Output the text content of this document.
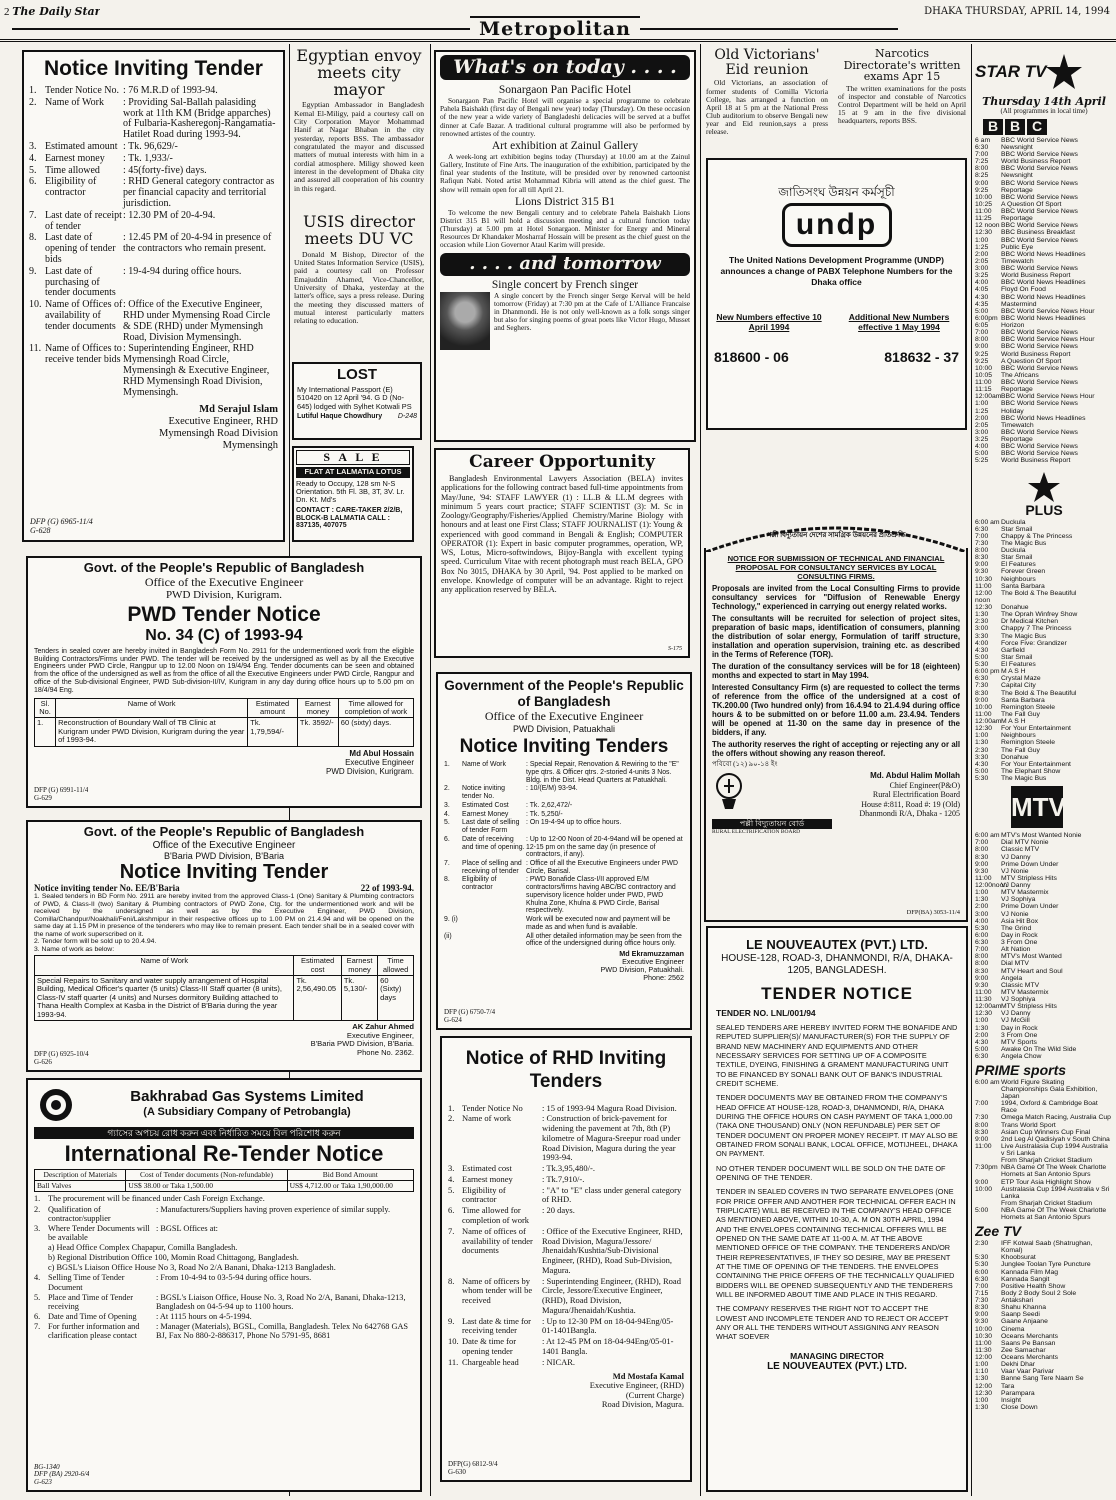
2 The Daily Star
Metropolitan
DHAKA THURSDAY, APRIL 14, 1994
Notice Inviting Tender
1. Tender Notice No. : 76 M.R.D of 1993-94.
2. Name of Work	: Providing Sal-Ballah palasiding work at 11th KM (Bridge apparches) of Fulbaria-Kasheregonj-Rangamatia-Hatilet Road during 1993-94.
3. Estimated amount : Tk. 96,629/-
4. Earnest money	: Tk. 1,933/-
5. Time allowed	: 45(forty-five) days.
6. Eligibility of contractor
: RHD General category contractor as per financial capacity and territorial jurisdiction.
7. Last date of receipt of tender
: 12.30 PM of 20-4-94.
8. Last date of opening of tender bids
: 12.45 PM of 20-4-94 in presence of the contractors who remain present.
9. Last date of purchasing of tender documents
: 19-4-94 during office hours.
10. Name of Offices of availability of tender documents
: Office of the Executive Engineer, RHD under Mymensing Road Circle & SDE (RHD) under Mymensingh Road, Division Mymensingh.
11. Name of Offices to receive tender bids
: Superintending Engineer, RHD Mymensingh Road Circle, Mymensingh & Executive Engineer, RHD Mymensingh Road Division, Mymensingh.
Md Serajul Islam
Executive Engineer, RHD
Mymensingh Road Division
Mymensingh
DFP (G) 6965-11/4
G-628
Egyptian envoy meets city mayor
Egyptian Ambassador in Bangladesh Kemal El-Miligy, paid a courtesy call on City Corporation Mayor Mohammad Hanif at Nagar Bhaban in the city yesterday, reports BSS. The ambassador congratulated the mayor and discussed matters of mutual interests with him in a cordial atmosphere. Miligy showed keen interest in the development of Dhaka city and assured all cooperation of his country in this regard.
USIS director meets DU VC
Donald M Bishop, Director of the United States Information Service (USIS), paid a courtesy call on Professor Emajuddin Ahamed, Vice-Chancellor, University of Dhaka, yesterday at the latter's office, says a press release. During the meeting they discussed matters of mutual interest particularly matters relating to education.
LOST
My International Passport (E) 510420 on 12 April '94. G D (No-645) lodged with Sylhet Kotwali PS
Lutiful Haque Chowdhury D-248
S A L E
FLAT AT LALMATIA LOTUS
Ready to Occupy, 128 sm N-S Orientation. 5th Fl. 3B, 3T, 3V. Lr. Dn. Kt. Md's
CONTACT : CARE-TAKER 2/2/B, BLOCK-B LALMATIA CALL : 837135, 407075
What's on today . . . .
Sonargaon Pan Pacific Hotel
Sonargaon Pan Pacific Hotel will organise a special programme to celebrate Pahela Baishakh (first day of Bengali new year) today (Thursday). On these occasion of the new year a wide variety of Bangladeshi delicacies will be served at a buffet dinner at Cafe Bazar. A traditional cultural programme will also be performed by renowned artistes of the country.
Art exhibition at Zainul Gallery
A week-long art exhibition begins today (Thursday) at 10.00 am at the Zainul Gallery, Institute of Fine Arts. The inauguration of the exhibition, participated by the final year students of the Institute, will be presided over by renowned cartoonist Rafiqun Nabi. Noted artist Mohammad Kibria will attend as the chief guest. The show will remain open for all till April 21.
Lions District 315 B1
To welcome the new Bengali century and to celebrate Pahela Baishakh Lions District 315 B1 will hold a discussion meeting and a cultural function today (Thursday) at 5.00 pm at Hotel Sonargaon. Minister for Energy and Mineral Resources Dr Khandaker Mosharraf Hossain will be present as the chief guest on the occasion while Lion Governor Ataul Karim will preside.
. . . . and tomorrow
Single concert by French singer
A single concert by the French singer Serge Kerval will be held tomorrow (Friday) at 7:30 pm at the Cafe of L'Alliance Francaise in Dhanmondi. He is not only well-known as a folk songs singer but also for singing poems of great poets like Victor Hugo, Musset and Seghers.
Career Opportunity
Bangladesh Environmental Lawyers Association (BELA) invites applications for the following contract based full-time appointments from May/June, '94: STAFF LAWYER (1) : LL.B & LL.M degrees with minimum 5 years court practice; STAFF SCIENTIST (3): M. Sc in Zoology/Geography/Fisheries/Applied Chemistry/Marine Biology with honours and at least one First Class; STAFF JOURNALIST (1): Young & experienced with good command in Bengali & English; COMPUTER OPERATOR (1): Expert in basic computer programmes, operation, WP, WS, Lotus, Micro-softwindows, Bijoy-Bangla with excellent typing speed. Curriculum Vitae with recent photograph must reach BELA, GPO Box No 3015, DHAKA by 30 April, '94. Post applied to be marked on envelope. Knowledge of computer will be an advantage. Right to reject any application reserved by BELA.
S-175
Old Victorians' Eid reunion
Old Victorians, an association of former students of Comilla Victoria College, has arranged a function on April 18 at 5 pm at the National Press Club auditorium to observe Bengali new year and Eid reunion,says a press release.
Narcotics Directorate's written exams Apr 15
The written examinations for the posts of inspector and constable of Narcotics Control Department will be held on April 15 at 9 am in the five divisional headquarters, reports BSS.
জাতিসংঘ উন্নয়ন কর্মসূচী
undp
The United Nations Development Programme (UNDP) announces a change of PABX Telephone Numbers for the Dhaka office
New Numbers effective 10 April 1994
Additional New Numbers effective 1 May 1994
818600 - 06	818632 - 37
পল্লী বিদ্যুতায়ন দেশের সামগ্রিক উন্নয়নের প্রতিশ্রুতি
NOTICE FOR SUBMISSION OF TECHNICAL AND FINANCIAL PROPOSAL FOR CONSULTANCY SERVICES BY LOCAL CONSULTING FIRMS.
Proposals are invited from the Local Consulting Firms to provide consultancy services for "Diffusion of Renewable Energy Technology," experienced in carrying out energy related works.
The consultants will be recruited for selection of project sites, preparation of basic maps, identification of consumers, planning the distribution of solar energy, Formulation of tariff structure, installation and operation supervision, training etc. as described in the Terms of Reference (TOR).
The duration of the consultancy services will be for 18 (eighteen) months and expected to start in May 1994.
Interested Consultancy Firm (s) are requested to collect the terms of reference from the office of the undersigned at a cost of TK.200.00 (Two hundred only) from 16.4.94 to 21.4.94 during office hours & to be submitted on or before 11.00 a.m. 23.4.94. Tenders will be opened at 11-30 on the same day in presence of the bidders, if any.
The authority reserves the right of accepting or rejecting any or all the offers without showing any reason thereof.
পবিবো (১২) ৯০-১৪ ইং
Md. Abdul Halim Mollah
Chief Engineer(P&O)
Rural Electrification Board
House #:811, Road #: 19 (Old)
Dhanmondi R/A, Dhaka - 1205
পল্লী বিদ্যুতায়ন বোর্ড
RURAL ELECTRIFICATION BOARD
DFP(BA) 3053-11/4
Govt. of the People's Republic of Bangladesh
Office of the Executive Engineer
PWD Division, Kurigram.
PWD Tender Notice
No. 34 (C) of 1993-94
Tenders in sealed cover are hereby invited in Bangladesh Form No. 2911 for the undermentioned work from the eligible Building Contractors/Firms under PWD. The tender will be received by the undersigned as well as by all the Executive Engineers under PWD Circle, Rangpur up to 12.00 Noon on 19/4/94 Eng. Tender documents can be seen and obtained from the office of the undersigned as well as from the office of all the Executive Engineers under PWD Circle, Rangpur and office of the Sub-divisional Engineer, PWD Sub-division-II/IV, Kurigram in any day during office hours up to 5.00 pm on 18/4/94 Eng.
Sl. No.	Name of Work	Estimated amount	Earnest money	Time allowed for completion of work
1.	Reconstruction of Boundary Wall of TB Clinic at Kurigram under PWD Division, Kurigram during the year of 1993-94.	Tk. 1,79,594/-	Tk. 3592/-	60 (sixty) days.
Md Abul Hossain
Executive Engineer
PWD Division, Kurigram.
DFP (G) 6991-11/4
G-629
Govt. of the People's Republic of Bangladesh
Office of the Executive Engineer
B'Baria PWD Division, B'Baria
Notice Inviting Tender
Notice inviting tender No. EE/B'Baria	22 of 1993-94.
1. Sealed tenders in BD Form No. 2911 are hereby invited from the approved Class-1 (One) Sanitary & Plumbing contractors of PWD, & Class-II (two) Sanitary & Plumbing contractors of PWD Zone, Ctg. for the undermentioned work and will be received by the undersigned as well as by the Executive Engineer, PWD Division, Comilla/Chandpur/Noakhali/Feni/Lakshmipur in their respective offices up to 1.00 PM on 21.4.94 and will be opened on the same day at 1.15 PM in presence of the tenderers who may like to remain present. Each tender shall be in a sealed cover with the name of work superscribed on it.
2. Tender form will be sold up to 20.4.94.
3. Name of work as below:
Name of Work	Estimated cost	Earnest money	Time allowed
Special Repairs to Sanitary and water supply arrangement of Hospital Building, Medical Officer's quarter (5 units) Class-III Staff quarter (8 units), Class-IV staff quarter (4 units) and Nurses dormitory Building attached to Thana Health Complex at Kasba in the District of B'Baria during the year 1993-94.	Tk. 2,56,490.05	Tk. 5,130/-	60 (Sixty) days
AK Zahur Ahmed
Executive Engineer,
B'Baria PWD Division, B'Baria.
Phone No. 2362.
DFP (G) 6925-10/4
G-626
Bakhrabad Gas Systems Limited
(A Subsidiary Company of Petrobangla)
গ্যাসের অপচয় রোধ করুন এবং নির্ধারিত সময়ে বিল পরিশোধ করুন
International Re-Tender Notice
Description of Materials	Cost of Tender documents (Non-refundable)	Bid Bond Amount
Ball Valves	US$ 38.00 or Taka 1,500.00	US$ 4,712.00 or Taka 1,90,000.00
1. The procurement will be financed under Cash Foreign Exchange.
2. Qualification of contractor/supplier
: Manufacturers/Suppliers having proven experience of similar supply.
3. Where Tender Documents will be available
: BGSL Offices at:
a) Head Office Complex Chapapur, Comilla Bangladesh.
b) Regional Distribution Office 100, Momin Road Chittagong, Bangladesh.
c) BGSL's Liaison Office House No 3, Road No 2/A Banani, Dhaka-1213 Bangladesh.
4. Selling Time of Tender Document
: From 10-4-94 to 03-5-94 during office hours.
5. Place and Time of Tender receiving
: BGSL's Liaison Office, House No. 3, Road No 2/A, Banani, Dhaka-1213, Bangladesh on 04-5-94 up to 1100 hours.
6. Date and Time of Opening	: At 1115 hours on 4-5-1994.
7. For further information and clarification please contact
: Manager (Materials), BGSL, Comilla, Bangladesh. Telex No 642768 GAS BJ, Fax No 880-2-886317, Phone No 5791-95, 8681
BG-1340
DFP (BA) 2920-6/4
G-623
Government of the People's Republic of Bangladesh
Office of the Executive Engineer
PWD Division, Patuakhali
Notice Inviting Tenders
1.	Name of Work	: Special Repair, Renovation & Rewiring to the "E" type qtrs. & Officer qtrs. 2-storied 4-units 3 Nos. Bldg. in the Dist. Head Quarters at Patuakhali.
2.	Notice inviting tender No.
: 10/(E/M) 93-94.
3.	Estimated Cost	: Tk. 2,62,472/-
4.	Earnest Money	: Tk. 5,250/-
5.	Last date of selling of tender Form
: On 19-4-94 up to office hours.
6.	Date of receiving and time of opening.
: Up to 12-00 Noon of 20-4-94and will be opened at 12-15 pm on the same day (in presence of contractors, if any).
7.	Place of selling and receiving of tender
: Office of all the Executive Engineers under PWD Circle, Barisal.
8.	Eligibility of contractor
: PWD Bonafide Class-I/II approved E/M contractors/firms having ABC/BC contractory and supervisory licence holder under PWD, PWD Khulna Zone, Khulna & PWD Circle, Barisal respectively.
9. (i)	Work will be executed now and payment will be made as and when fund is available.
(ii)	All other detailed information may be seen from the office of the undersigned during office hours only.
Md Ekramuzzaman
Executive Engineer
PWD Division, Patuakhali.
Phone: 2562
DFP (G) 6750-7/4
G-624
Notice of RHD Inviting Tenders
1. Tender Notice No	: 15 of 1993-94 Magura Road Division.
2. Name of work	: Construction of brick-pavement for widening the pavement at 7th, 8th (P) kilometre of Magura-Sreepur road under Road Division, Magura during the year 1993-94.
3. Estimated cost	: Tk.3,95,480/-.
4. Earnest money	: Tk.7,910/-.
5. Eligibility of contractor
: "A" to "E" class under general category of RHD.
6. Time allowed for completion of work
: 20 days.
7. Name of offices of availability of tender documents
: Office of the Executive Engineer, RHD, Road Division, Magura/Jessore/ Jhenaidah/Kushtia/Sub-Divisional Engineer, (RHD), Road Sub-Division, Magura.
8. Name of officers by whom tender will be received
: Superintending Engineer, (RHD), Road Circle, Jessore/Executive Engineer, (RHD), Road Division, Magura/Jhenaidah/Kushtia.
9. Last date & time for receiving tender
: Up to 12-30 PM on 18-04-94Eng/05-01-1401Bangla.
10. Date & time for opening tender
: At 12-45 PM on 18-04-94Eng/05-01-1401 Bangla.
11. Chargeable head	: NICAR.
Md Mostafa Kamal
Executive Engineer, (RHD)
(Current Charge)
Road Division, Magura.
DFP(G) 6812-9/4
G-630
LE NOUVEAUTEX (PVT.) LTD.
HOUSE-128, ROAD-3, DHANMONDI, R/A, DHAKA-1205, BANGLADESH.
TENDER NOTICE
TENDER NO. LNL/001/94
SEALED TENDERS ARE HEREBY INVITED FORM THE BONAFIDE AND REPUTED SUPPLIER(S)/ MANUFACTURER(S) FOR THE SUPPLY OF BRAND NEW MACHINERY AND EQUIPMENTS AND OTHER NECESSARY SERVICES FOR SETTING UP OF A COMPOSITE TEXTILE, DYEING, FINISHING & GRAMENT MANUFACTURING UNIT TO BE FINANCED BY SONALI BANK OUT OF BANK'S INDUSTRIAL CREDIT SCHEME.
TENDER DOCUMENTS MAY BE OBTAINED FROM THE COMPANY'S HEAD OFFICE AT HOUSE-128, ROAD-3, DHANMONDI, R/A, DHAKA DURING THE OFFICE HOURS ON CASH PAYMENT OF TAKA 1,000.00 (TAKA ONE THOUSAND) ONLY (NON REFUNDABLE) PER SET OF TENDER DOCUMENT ON PROPER MONEY RECEIPT. IT MAY ALSO BE OBTAINED FROM SONALI BANK, LOCAL OFFICE, MOTIJHEEL, DHAKA ON PAYMENT.
NO OTHER TENDER DOCUMENT WILL BE SOLD ON THE DATE OF OPENING OF THE TENDER.
TENDER IN SEALED COVERS IN TWO SEPARATE ENVELOPES (ONE FOR PRICE OFFER AND ANOTHER FOR TECHNICAL OFFER EACH IN TRIPLICATE) WILL BE RECEIVED IN THE COMPANY'S HEAD OFFICE AS MENTIONED ABOVE, WITHIN 10-30, A. M ON 30TH APRIL, 1994 AND THE ENVELOPES CONTAINING TECHNICAL OFFERS WILL BE OPENED ON THE SAME DATE AT 11-00 A. M. AT THE ABOVE MENTIONED OFFICE OF THE COMPANY. THE TENDERERS AND/OR THEIR REPRESENTATIVES, IF THEY SO DESIRE, MAY BE PRESENT AT THE TIME OF OPENING OF THE TENDERS. THE ENVELOPES CONTAINING THE PRICE OFFERS OF THE TECHNICALLY QUALIFIED BIDDERS WILL BE OPENED SUBSEQUENTLY AND THE TENDERERS WILL BE INFORMED ABOUT TIME AND PLACE IN THIS REGARD.
THE COMPANY RESERVES THE RIGHT NOT TO ACCEPT THE LOWEST AND INCOMPLETE TENDER AND TO REJECT OR ACCEPT ANY OR ALL THE TENDERS WITHOUT ASSIGNING ANY REASON WHAT SOEVER
MANAGING DIRECTOR
LE NOUVEAUTEX (PVT.) LTD.
STAR TV
Thursday 14th April
(All programmes in local time)
B B C
6 am	BBC World Service News
6:30	Newsnight
7:00	BBC World Service News
7:25	World Business Report
8:00	BBC World Service News
8:25	Newsnight
9:00	BBC World Service News
9:25	Reportage
10:00	BBC World Service News
10:25	A Question Of Sport
11:00	BBC World Service News
11:25	Reportage
12 noon BBC World Service News
12:30	BBC Business Breakfast
1:00	BBC World Service News
1:25	Public Eye
2:00	BBC World News Headlines
2:05	Timewatch
3:00	BBC World Service News
3:25	World Business Report
4:00	BBC World News Headlines
4:05	Floyd On Food
4:30	BBC World News Headlines
4:35	Mastermind
5:00	BBC World Service News Hour
6:00pm BBC World News Headlines
6:05	Horizon
7:00	BBC World Service News
8:00	BBC World Service News Hour
9:00	BBC World Service News
9:25	World Business Report
9:25	A Question Of Sport
10:00	BBC World Service News
10:05	The Africans
11:00	BBC World Service News
11:15	Reportage
12:00am BBC World Service News Hour
1:00	BBC World Service News
1:25	Holiday
2:00	BBC World News Headlines
2:05	Timewatch
3:00	BBC World Service News
3:25	Reportage
4:00	BBC World Service News
5:00	BBC World Service News
5:25	World Business Report
PLUS
6:00 am Duckula
6:30	Star Smail
7:00	Chappy & The Princess
7:30	The Magic Bus
8:00	Duckula
8:30	Star Smail
9:00	El Features
9:30	Forever Green
10:30	Neighbours
11:00	Santa Barbara
12:00 noon
The Bold & The Beautiful
12:30	Donahue
1:30	The Oprah Winfrey Show
2:30	Dr Medical Kitchen
3:00	Chappy 7 The Princess
3:30	The Magic Bus
4:00	Force Five: Grandizer
4:30	Garfield
5:00	Star Smail
5:30	El Features
6:00 pm M A S H
6:30	Crystal Maze
7:30	Capital City
8:30	The Bold & The Beautiful
9:00	Santa Barbara
10:00	Remington Steele
11:00	The Fall Guy
12:00am M A S H
12:30	For Your Entertainment
1:00	Neighbours
1:30	Remington Steele
2:30	The Fall Guy
3:30	Donahue
4:30	For Your Entertainment
5:00	The Elephant Show
5:30	The Magic Bus
MTV
6:00 am MTV's Most Wanted Nonie
7:00	Dial MTV Nonie
8:00	Classic MTV
8:30	VJ Danny
9:00	Prime Down Under
9:30	VJ Nonie
11:00	MTV Stripless Hits
12:00noon
VJ Danny
1:00	MTV Mastermix
1:30	VJ Sophiya
2:00	Prime Down Under
3:00	VJ Nonie
4:00	Asia Hit Box
5:30	The Grind
6:00	Day in Rock
6:30	3 From One
7:00	Alt Nation
8:00	MTV's Most Wanted
8:00	Dial MTV
8:30	MTV Heart and Soul
9:00	Angela
9:30	Classic MTV
11:00	MTV Mastermix
11:30	VJ Sophiya
12:00am MTV Stripless Hits
12:30	VJ Danny
1:00	VJ McGill
1:30	Day in Rock
2:00	3 From One
4:30	MTV Sports
5:00	Awake On The Wild Side
6:30	Angela Chow
PRIME sports
6:00 am World Figure Skating Championships Gala Exhibition, Japan
7:00	1994, Oxford & Cambridge Boat Race
7:30	Omega Match Racing, Australia Cup
8:00	Trans World Sport
8:30	Asian Cup Winners Cup Final
9:00	2nd Leg Al Qadisiyah v South China
11:00	Live Australasia Cup 1994 Australia v Sri Lanka
From Sharjah Cricket Stadium
7:30pm NBA Game Of The Week Charlotte Hornets at San Antonio Spurs
9:00	ETP Tour Asia Highlight Show
10:00	Australasia Cup 1994 Australia v Sri Lanka
From Sharjah Cricket Stadium
5:00	NBA Game Of The Week Charlotte Hornets at San Antonio Spurs
Zee TV
2:30	IFF Kotwal Saab (Shatrughan, Komal)
5:30	Khoobsurat
5:30	Junglee Toolan Tyre Puncture
6:00	Kannada Film Mag
6:30	Kannada Sangit
7:00	Positive Health Show
7:15	Body 2 Body Soul 2 Sole
7:30	Antakshari
8:30	Shahu Khanna
9:00	Saanp Seedi
9:30	Gaane Anjaane
10:00	Cinema
10:30	Oceans Merchants
11:00	Saans Pe Bansan
11:30	Zee Samachar
12:00	Oceans Merchants
1:00	Dekhi Dhar
1:10	Vaar Vaar Parivar
1:30	Banne Sang Tere Naam Se
12:00	Tara
12:30	Parampara
1:00	Insight
1:30	Close Down
